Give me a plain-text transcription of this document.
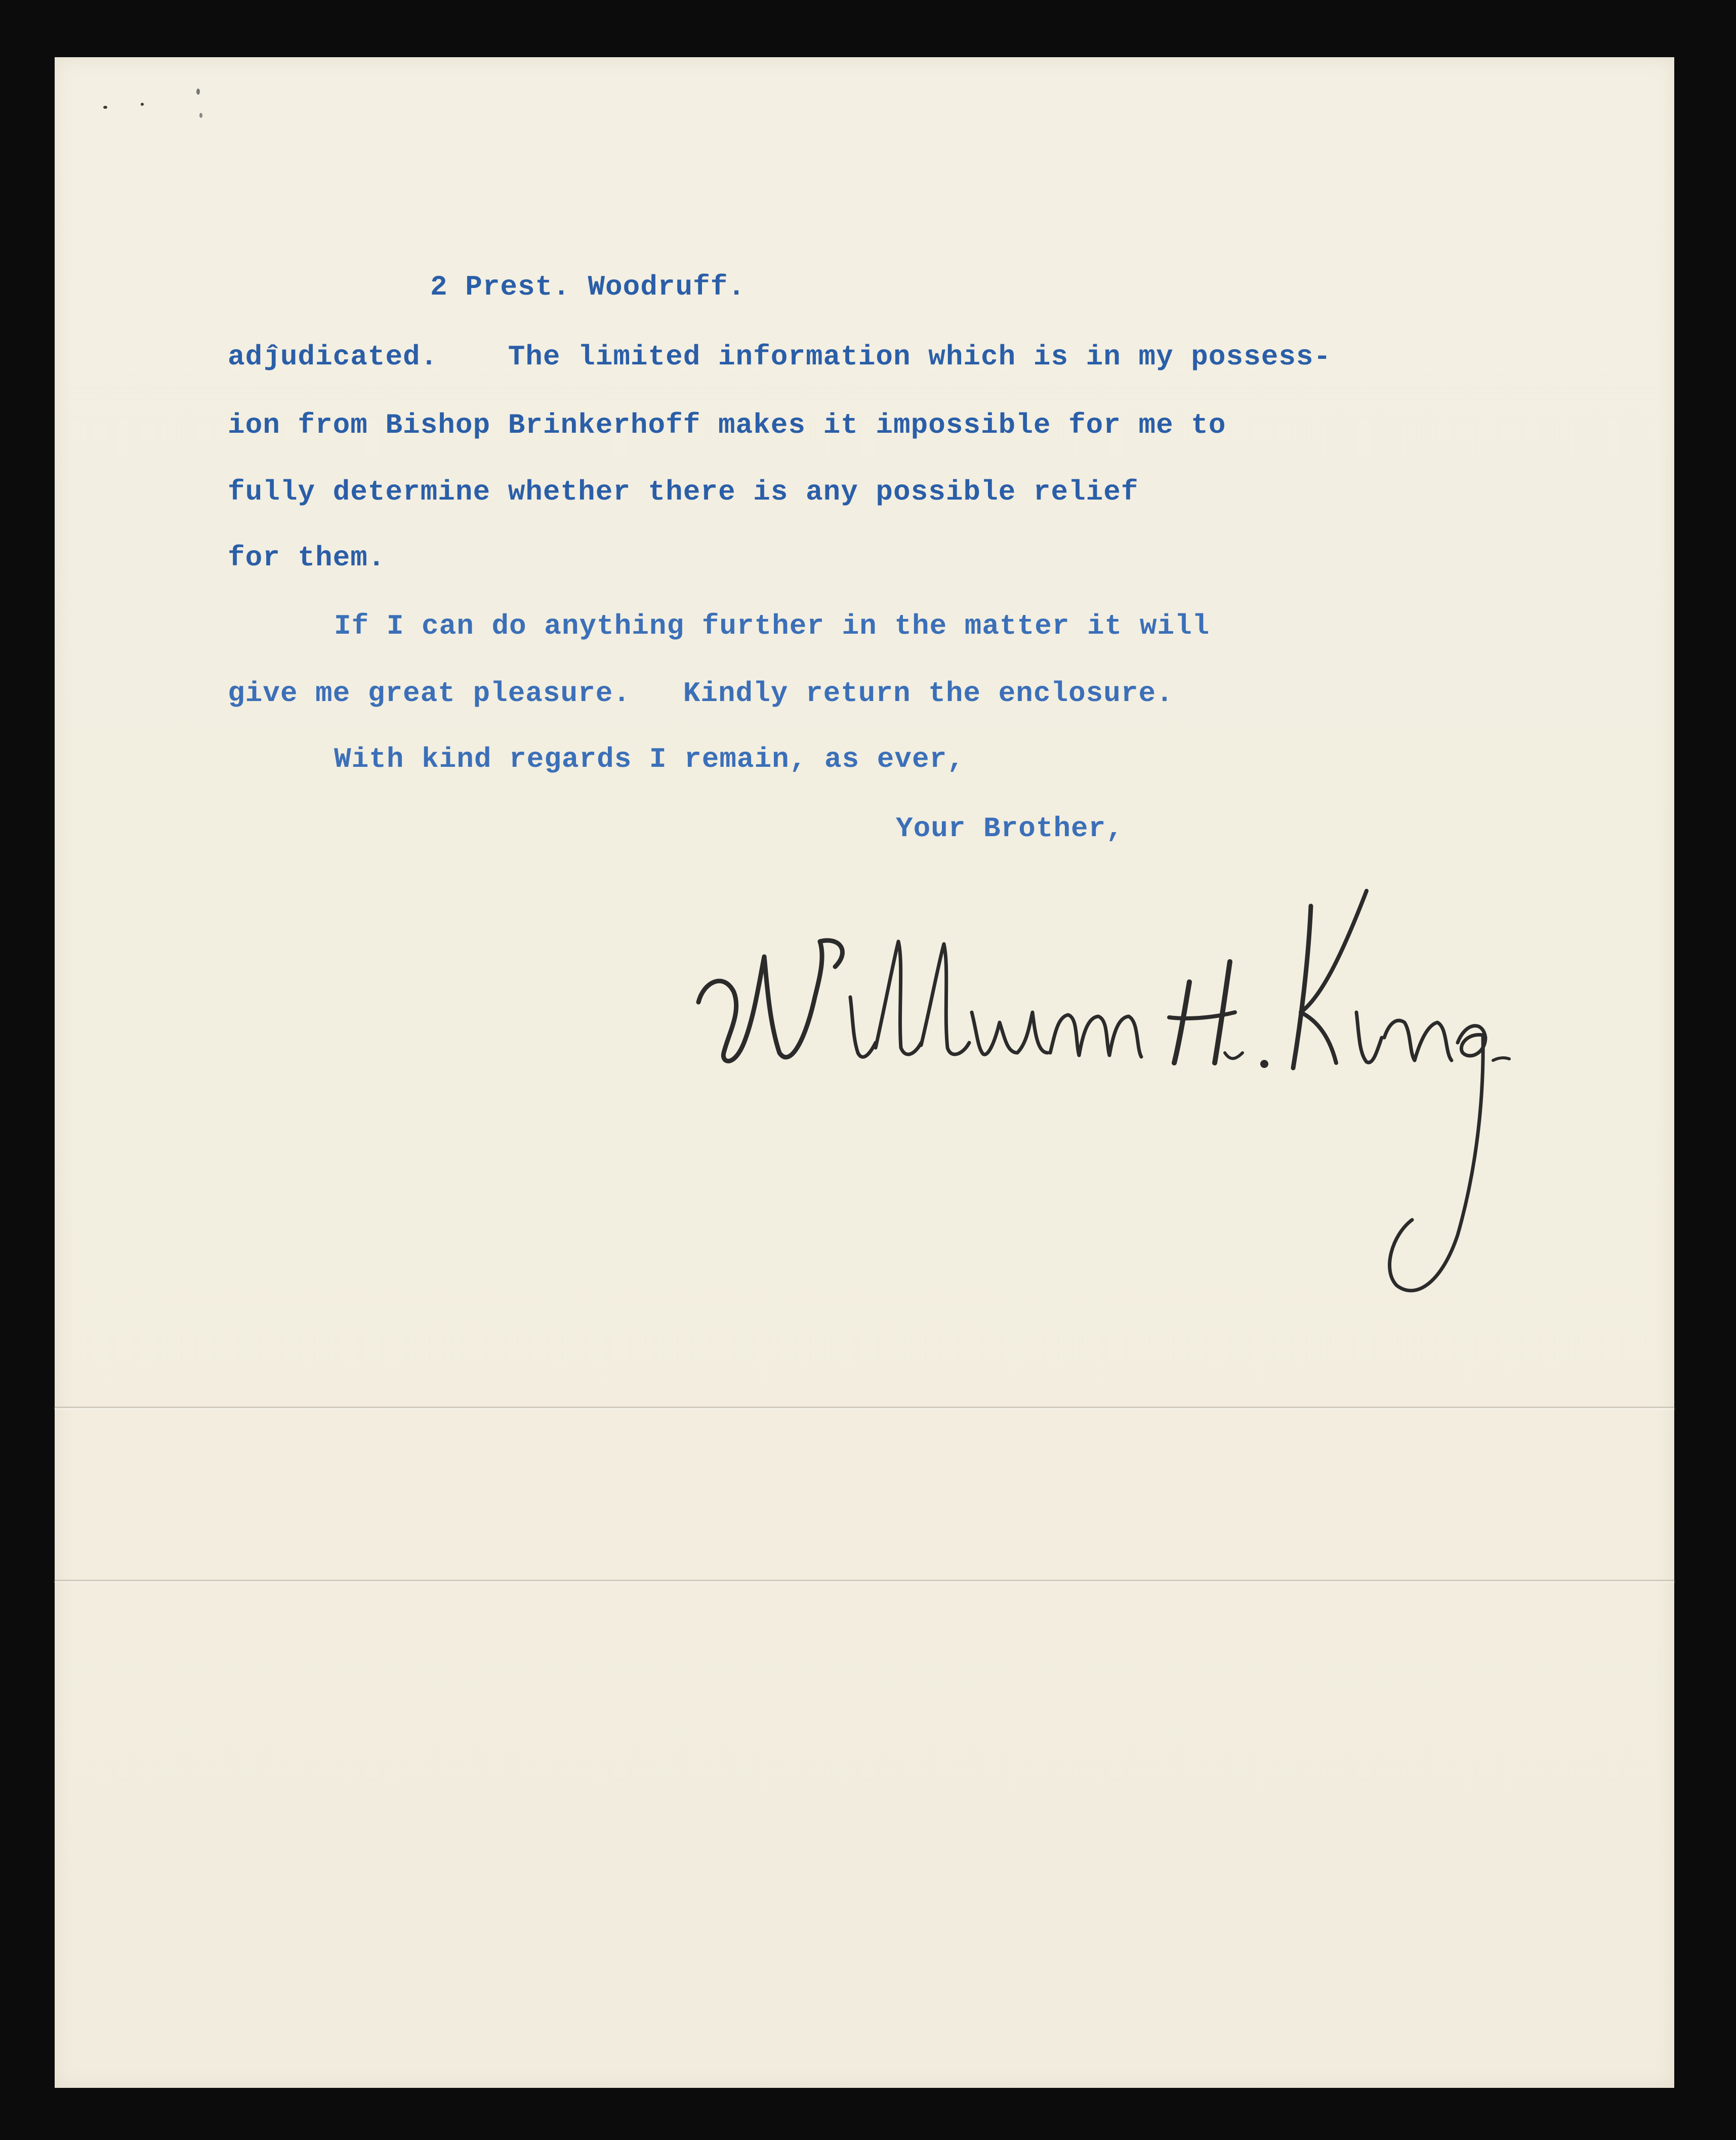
2 Prest. Woodruff.
adĵudicated.    The limited information which is in my possess-
ion from Bishop Brinkerhoff makes it impossible for me to
fully determine whether there is any possible relief
for them.
If I can do anything further in the matter it will
give me great pleasure.   Kindly return the enclosure.
With kind regards I remain, as ever,
Your Brother,
